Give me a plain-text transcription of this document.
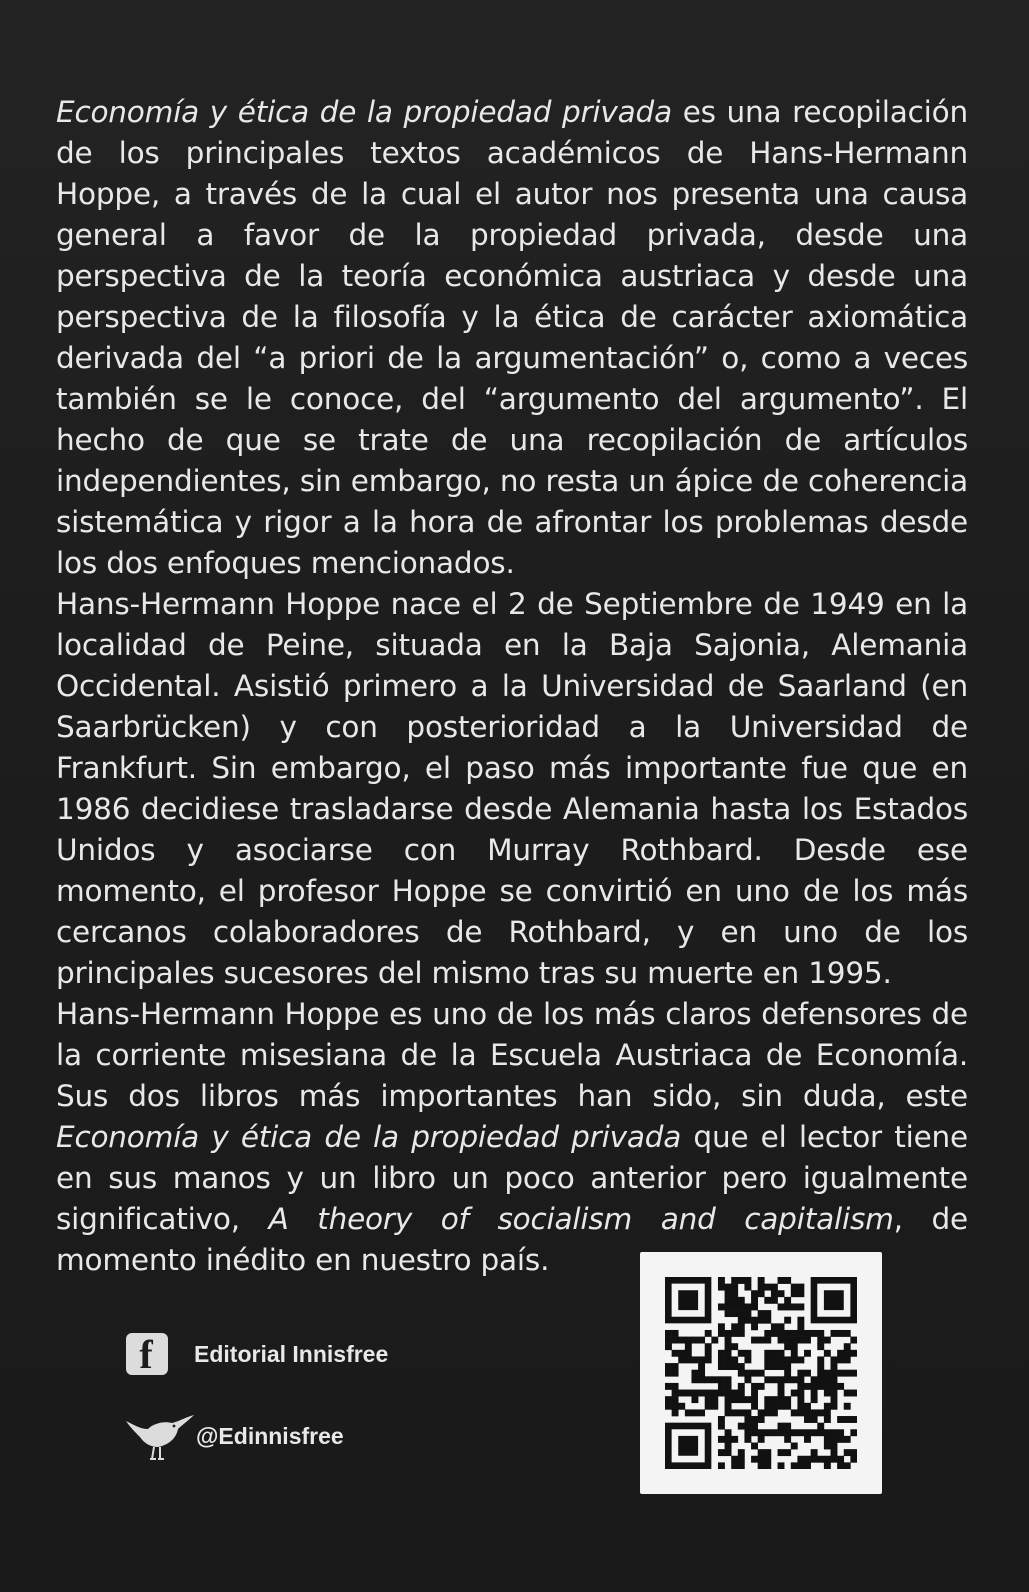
Economía y ética de la propiedad privada es una recopilación de los principales textos académicos de Hans-Hermann Hoppe, a través de la cual el autor nos presenta una causa general a favor de la propiedad privada, desde una perspectiva de la teoría económica austriaca y desde una perspectiva de la filosofía y la ética de carácter axiomática derivada del “a priori de la argumentación” o, como a veces también se le conoce, del “argumento del argumento”. El hecho de que se trate de una recopilación de artículos independientes, sin embargo, no resta un ápice de coherencia sistemática y rigor a la hora de afrontar los problemas desde los dos enfoques mencionados.

Hans-Hermann Hoppe nace el 2 de Septiembre de 1949 en la localidad de Peine, situada en la Baja Sajonia, Alemania Occidental. Asistió primero a la Universidad de Saarland (en Saarbrücken) y con posterioridad a la Universidad de Frankfurt. Sin embargo, el paso más importante fue que en 1986 decidiese trasladarse desde Alemania hasta los Estados Unidos y asociarse con Murray Rothbard. Desde ese momento, el profesor Hoppe se convirtió en uno de los más cercanos colaboradores de Rothbard, y en uno de los principales sucesores del mismo tras su muerte en 1995.

Hans-Hermann Hoppe es uno de los más claros defensores de la corriente misesiana de la Escuela Austriaca de Economía. Sus dos libros más importantes han sido, sin duda, este Economía y ética de la propiedad privada que el lector tiene en sus manos y un libro un poco anterior pero igualmente significativo, A theory of socialism and capitalism, de momento inédito en nuestro país.

f	Editorial Innisfree
@Edinnisfree
